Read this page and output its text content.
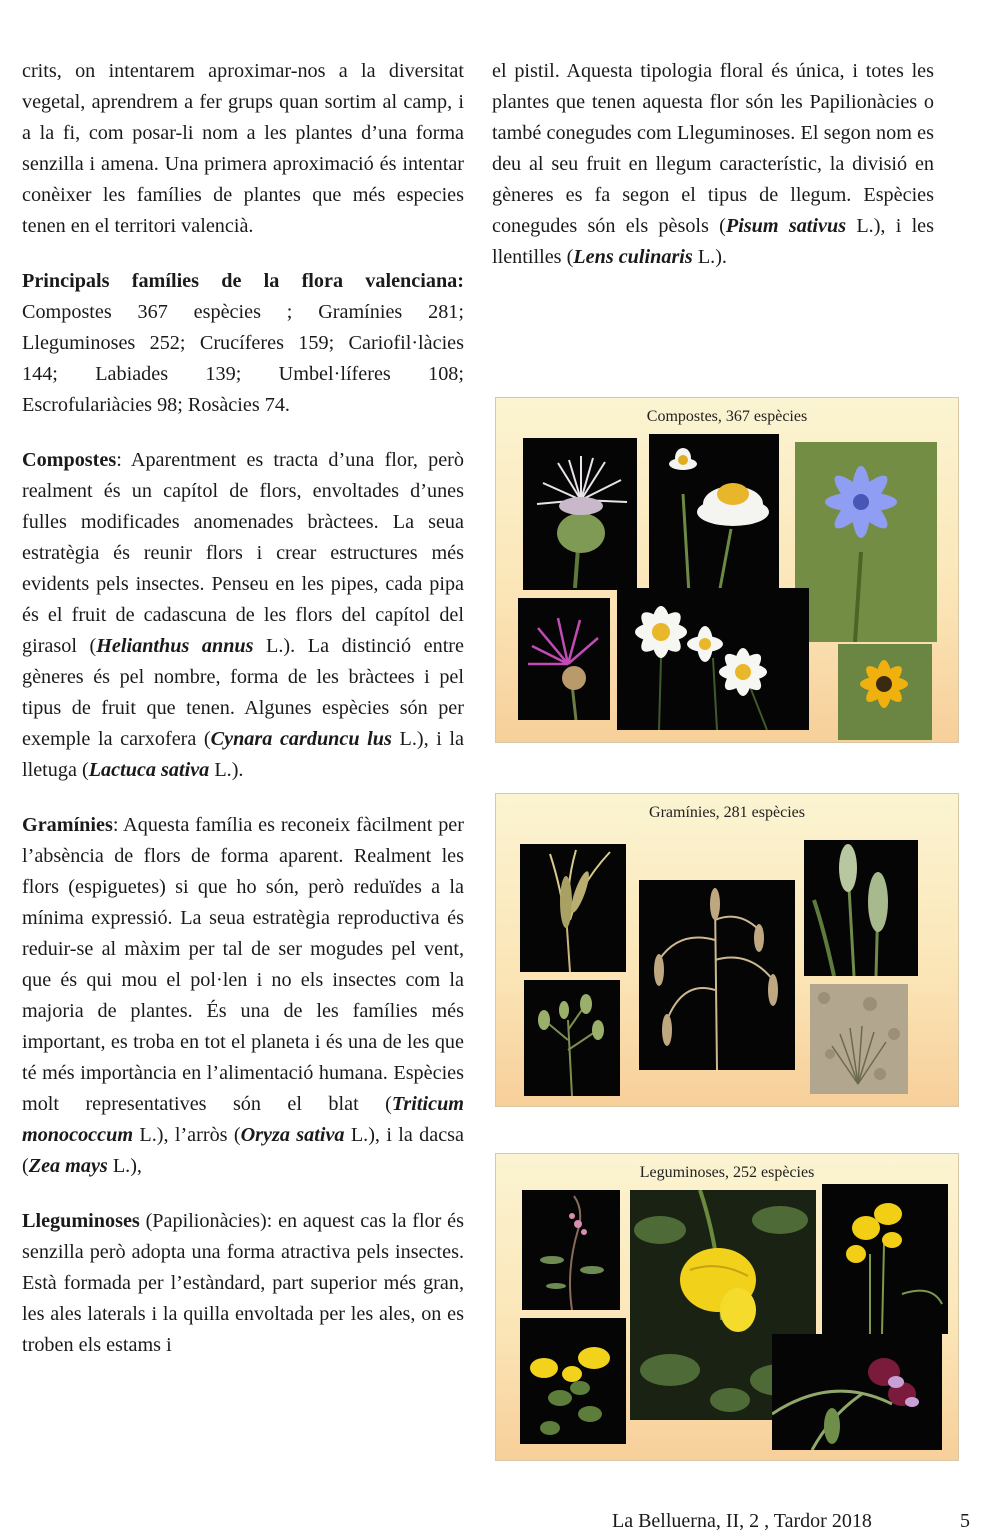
crits, on intentarem aproximar-nos a la diversitat vegetal, aprendrem a fer grups quan sortim al camp, i a la fi, com posar-li nom a les plantes d’una forma senzilla i amena. Una primera aproximació és intentar conèixer les famílies de plantes que més especies tenen en el territori valencià.

Principals famílies de la flora valenciana: Compostes 367 espècies ; Gramínies 281; Lleguminoses 252; Crucíferes 159; Cariofil·làcies 144; Labiades 139; Umbel·líferes 108; Escrofulariàcies 98; Rosàcies 74.

Compostes: Aparentment es tracta d’una flor, però realment és un capítol de flors, envoltades d’unes fulles modificades anomenades bràctees. La seua estratègia és reunir flors i crear estructures més evidents pels insectes. Penseu en les pipes, cada pipa és el fruit de cadascuna de les flors del capítol del girasol (Helianthus annus L.). La distinció entre gèneres és pel nombre, forma de les bràctees i pel tipus de fruit que tenen. Algunes espècies són per exemple la carxofera (Cynara carduncu lus L.), i la lletuga (Lactuca sativa L.).

Gramínies: Aquesta família es reconeix fàcilment per l’absència de flors de forma aparent. Realment les flors (espiguetes) si que ho són, però reduïdes a la mínima expressió. La seua estratègia reproductiva és reduir-se al màxim per tal de ser mogudes pel vent, que és qui mou el pol·len i no els insectes com la majoria de plantes. És una de les famílies més important, es troba en tot el planeta i és una de les que té més importància en l’alimentació humana. Espècies molt representatives són el blat (Triticum monococcum L.), l’arròs (Oryza sativa L.), i la dacsa (Zea mays L.),

Lleguminoses (Papilionàcies): en aquest cas la flor és senzilla però adopta una forma atractiva pels insectes. Està formada per l’estàndard, part superior més gran, les ales laterals i la quilla envoltada per les ales, on es troben els estams i

el pistil. Aquesta tipologia floral és única, i totes les plantes que tenen aquesta flor són les Papilionàcies o també conegudes com Lleguminoses. El segon nom es deu al seu fruit en llegum característic, la divisió en gèneres es fa segon el tipus de llegum. Espècies conegudes són els pèsols (Pisum sativus L.), i les llentilles (Lens culinaris L.).

Compostes, 367 espècies
Gramínies, 281 espècies
Leguminoses, 252 espècies
La Belluerna, II, 2 , Tardor 2018	5
